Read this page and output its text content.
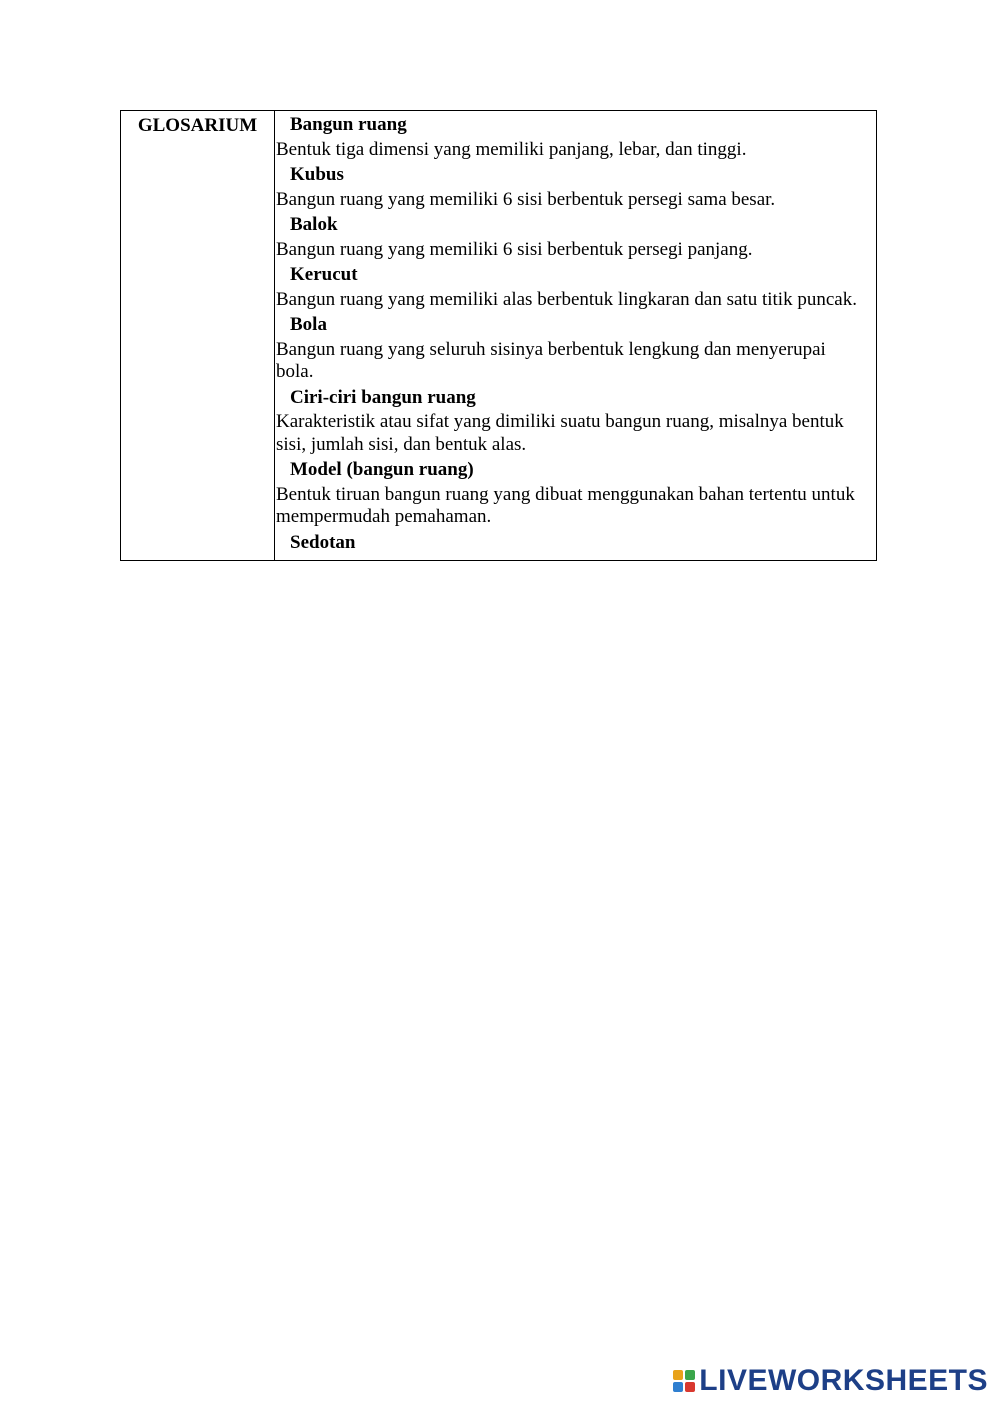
GLOSARIUM	Bangun ruang
Bentuk tiga dimensi yang memiliki panjang, lebar, dan tinggi.
Kubus
Bangun ruang yang memiliki 6 sisi berbentuk persegi sama besar.
Balok
Bangun ruang yang memiliki 6 sisi berbentuk persegi panjang.
Kerucut
Bangun ruang yang memiliki alas berbentuk lingkaran dan satu titik puncak.
Bola
Bangun ruang yang seluruh sisinya berbentuk lengkung dan menyerupai bola.
Ciri-ciri bangun ruang
Karakteristik atau sifat yang dimiliki suatu bangun ruang, misalnya bentuk sisi, jumlah sisi, dan bentuk alas.
Model (bangun ruang)
Bentuk tiruan bangun ruang yang dibuat menggunakan bahan tertentu untuk mempermudah pemahaman.
Sedotan
LIVEWORKSHEETS
